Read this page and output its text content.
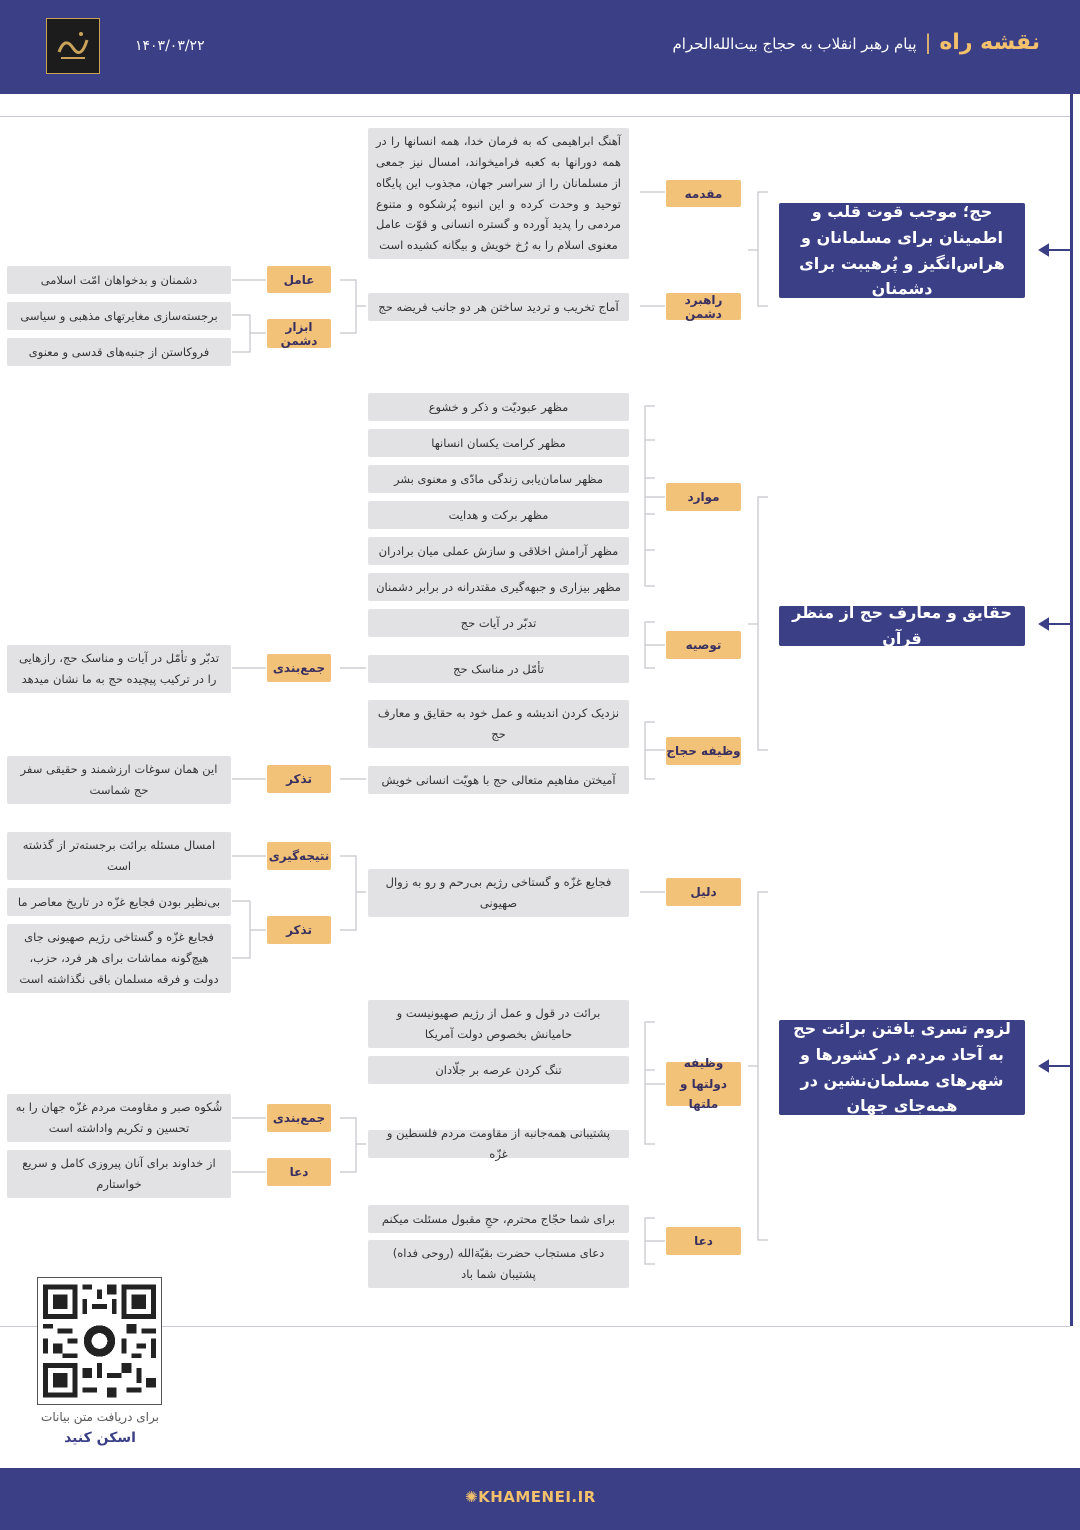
۱۴۰۳/۰۳/۲۲	نقشه راه|پیام رهبر انقلاب به حجاج بیت‌الله‌الحرام
حج؛ موجب قوت قلب و اطمینان برای مسلمانان و هراس‌انگیز و پُرهیبت برای دشمنان
حقایق و معارف حج از منظر قرآن
لزوم تسری یافتن برائت حج به آحاد مردم در کشورها و شهرهای مسلمان‌نشین در همه‌جای جهان
مقدمه
آهنگ ابراهیمی که به فرمان خدا، همه انسانها را در همه دورانها به کعبه فرامیخواند، امسال نیز جمعی از مسلمانان را از سراسر جهان، مجذوب این پایگاه توحید و وحدت کرده و این انبوه پُرشکوه و متنوع مردمی را پدید آورده و گستره انسانی و قوّت عامل معنوی اسلام را به رُخ خویش و بیگانه کشیده است
راهبرد دشمن
آماج تخریب و تردید ساختن هر دو جانب فریضه حج
عامل
دشمنان و بدخواهان امّت اسلامی
ابزار دشمن
برجسته‌سازی مغایرتهای مذهبی و سیاسی
فروکاستن از جنبه‌های قدسی و معنوی
موارد
مظهر عبودیّت و ذکر و خشوع
مظهر کرامت یکسان انسانها
مظهر سامان‌یابی زندگی مادّی و معنوی بشر
مظهر برکت و هدایت
مظهر آرامش اخلاقی و سازش عملی میان برادران
مظهر بیزاری و جبهه‌گیری مقتدرانه در برابر دشمنان
توصیه
تدبّر در آیات حج
تأمّل در مناسک حج
جمع‌بندی
تدبّر و تأمّل در آیات و مناسک حج، رازهایی را در ترکیب پیچیده حج به ما نشان میدهد
وظیفه حجاج
نزدیک کردن اندیشه و عمل خود به حقایق و معارف حج
آمیختن مفاهیم متعالی حج با هویّت انسانی خویش
تذکر
این همان سوغات ارزشمند و حقیقی سفر حج شماست
دلیل
فجایع غزّه و گستاخی رژیم بی‌رحم و رو به زوال صهیونی
نتیجه‌گیری
امسال مسئله برائت برجسته‌تر از گذشته است
تذکر
بی‌نظیر بودن فجایع غزّه در تاریخ معاصر ما
فجایع غزّه و گستاخی رژیم صهیونی جای هیچ‌گونه مماشات برای هر فرد، حزب، دولت و فرقه مسلمان باقی نگذاشته است
وظیفه دولتها و ملتها
برائت در قول و عمل از رژیم صهیونیست و حامیانش بخصوص دولت آمریکا
تنگ کردن عرصه بر جلّادان
پشتیبانی همه‌جانبه از مقاومت مردم فلسطین و غزّه
جمع‌بندی
شُکوه صبر و مقاومت مردم غزّه جهان را به تحسین و تکریم واداشته است
دعا
از خداوند برای آنان پیروزی کامل و سریع خواستارم
دعا
برای شما حجّاج محترم، حجِ مقبول مسئلت میکنم
دعای مستجاب حضرت بقیّةالله (روحی فداه) پشتیبان شما باد
برای دریافت متن بیانات
اسکن کنید
✺KHAMENEI.IR
